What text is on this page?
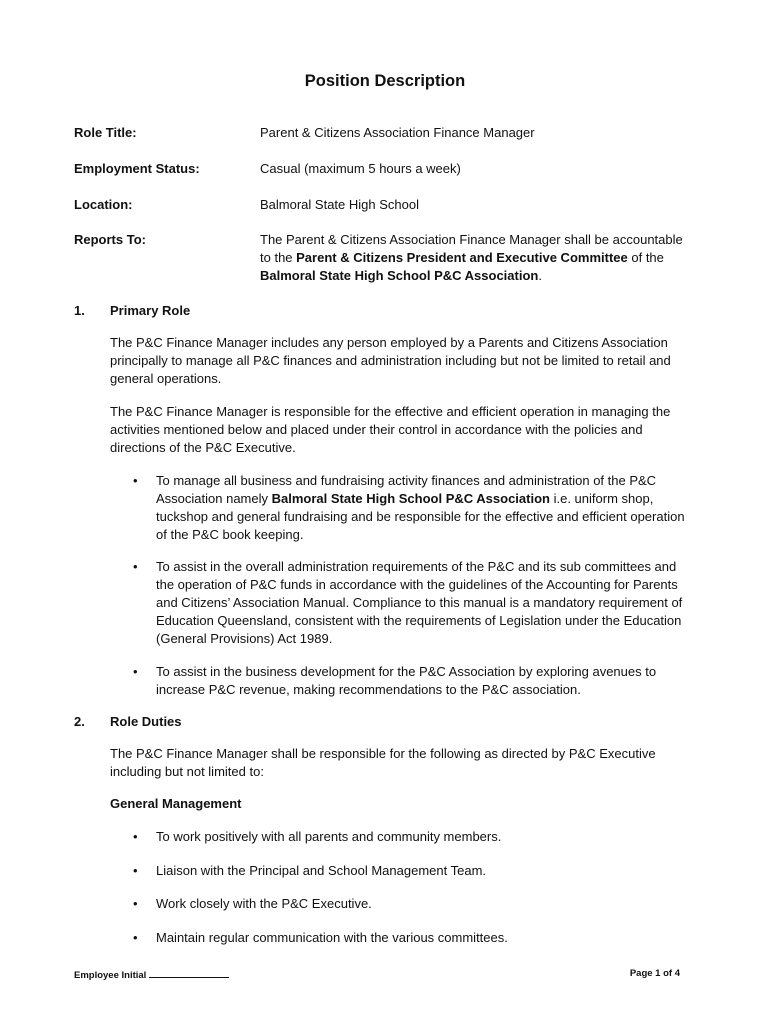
Position Description
Role Title:	Parent & Citizens Association Finance Manager
Employment Status:	Casual (maximum 5 hours a week)
Location:	Balmoral State High School
Reports To:	The Parent & Citizens Association Finance Manager shall be accountable to the Parent & Citizens President and Executive Committee of the Balmoral State High School P&C Association.
1. Primary Role
The P&C Finance Manager includes any person employed by a Parents and Citizens Association principally to manage all P&C finances and administration including but not be limited to retail and general operations.
The P&C Finance Manager is responsible for the effective and efficient operation in managing the activities mentioned below and placed under their control in accordance with the policies and directions of the P&C Executive.
• To manage all business and fundraising activity finances and administration of the P&C Association namely Balmoral State High School P&C Association i.e. uniform shop, tuckshop and general fundraising and be responsible for the effective and efficient operation of the P&C book keeping.
• To assist in the overall administration requirements of the P&C and its sub committees and the operation of P&C funds in accordance with the guidelines of the Accounting for Parents and Citizens’ Association Manual. Compliance to this manual is a mandatory requirement of Education Queensland, consistent with the requirements of Legislation under the Education (General Provisions) Act 1989.
• To assist in the business development for the P&C Association by exploring avenues to increase P&C revenue, making recommendations to the P&C association.
2. Role Duties
The P&C Finance Manager shall be responsible for the following as directed by P&C Executive including but not limited to:
General Management
• To work positively with all parents and community members.
• Liaison with the Principal and School Management Team.
• Work closely with the P&C Executive.
• Maintain regular communication with the various committees.
Employee Initial	Page 1 of 4
